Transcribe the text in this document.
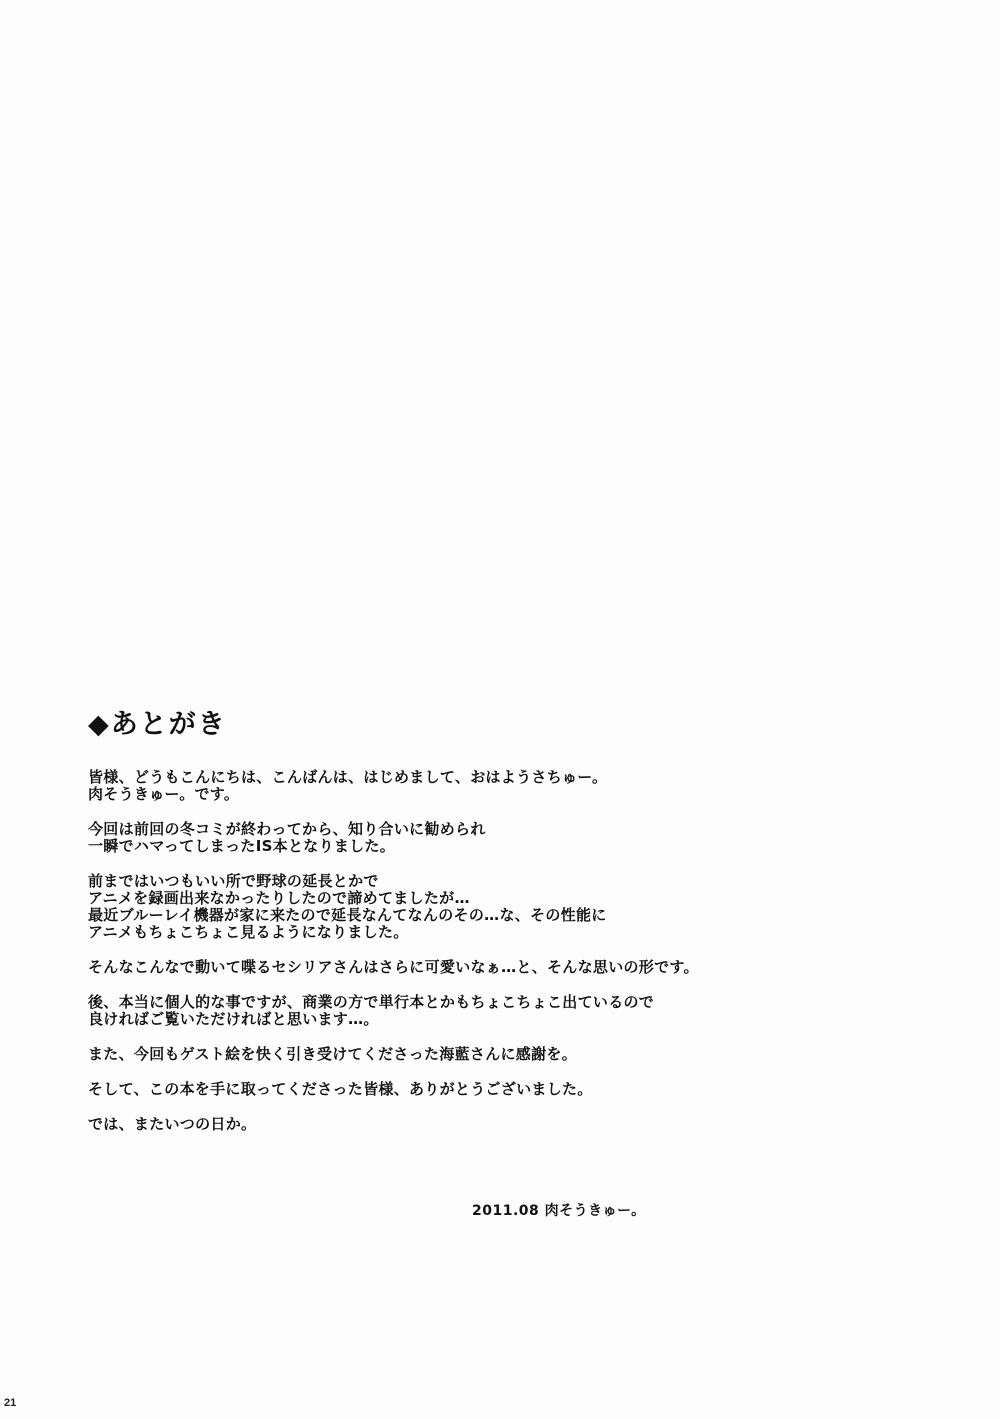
◆あとがき

皆様、どうもこんにちは、こんばんは、はじめまして、おはようさちゅー。
肉そうきゅー。です。

今回は前回の冬コミが終わってから、知り合いに勧められ
一瞬でハマってしまったIS本となりました。

前まではいつもいい所で野球の延長とかで
アニメを録画出来なかったりしたので諦めてましたが…
最近ブルーレイ機器が家に来たので延長なんてなんのその…な、その性能に
アニメもちょこちょこ見るようになりました。

そんなこんなで動いて喋るセシリアさんはさらに可愛いなぁ…と、そんな思いの形です。

後、本当に個人的な事ですが、商業の方で単行本とかもちょこちょこ出ているので
良ければご覧いただければと思います…。

また、今回もゲスト絵を快く引き受けてくださった海藍さんに感謝を。

そして、この本を手に取ってくださった皆様、ありがとうございました。

では、またいつの日か。

2011.08 肉そうきゅー。
21
